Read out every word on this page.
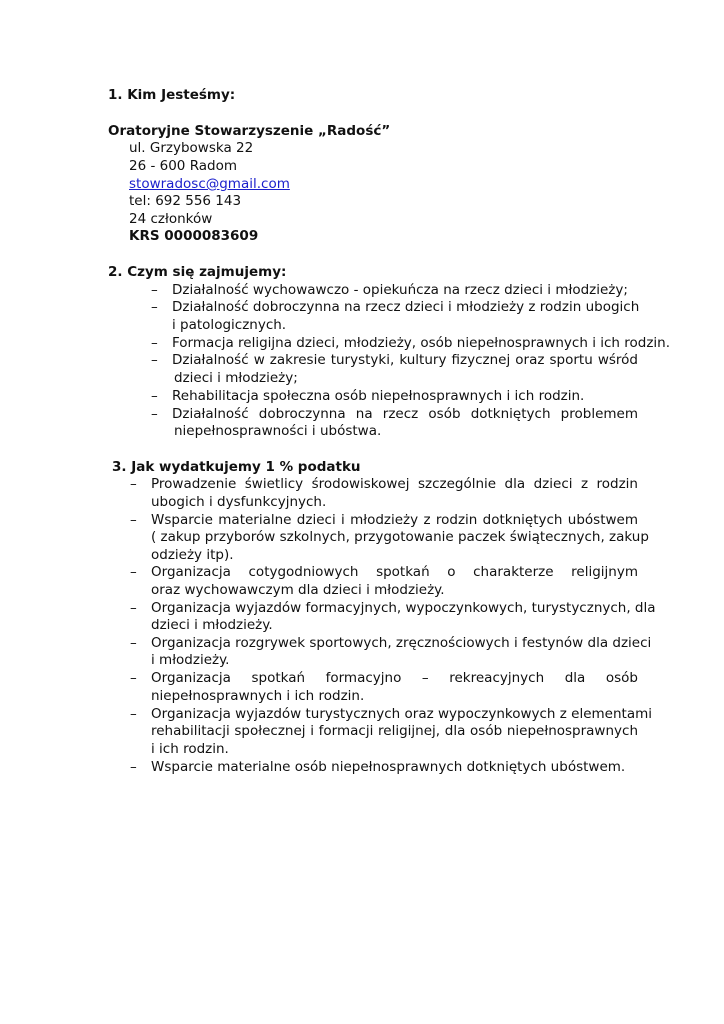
1. Kim Jesteśmy:
Oratoryjne Stowarzyszenie „Radość”
ul. Grzybowska 22
26 - 600 Radom
stowradosc@gmail.com
tel: 692 556 143
24 członków
KRS 0000083609
2. Czym się zajmujemy:
– Działalność wychowawczo - opiekuńcza na rzecz dzieci i młodzieży;
– Działalność dobroczynna na rzecz dzieci i młodzieży z rodzin ubogich
i patologicznych.
– Formacja religijna dzieci, młodzieży, osób niepełnosprawnych i ich rodzin.
– Działalność w zakresie turystyki, kultury fizycznej oraz sportu wśród
dzieci i młodzieży;
– Rehabilitacja społeczna osób niepełnosprawnych i ich rodzin.
– Działalność dobroczynna na rzecz osób dotkniętych problemem
niepełnosprawności i ubóstwa.
3. Jak wydatkujemy 1 % podatku
– Prowadzenie świetlicy środowiskowej szczególnie dla dzieci z rodzin
ubogich i dysfunkcyjnych.
– Wsparcie materialne dzieci i młodzieży z rodzin dotkniętych ubóstwem
( zakup przyborów szkolnych, przygotowanie paczek świątecznych, zakup
odzieży itp).
– Organizacja cotygodniowych spotkań o charakterze religijnym
oraz wychowawczym dla dzieci i młodzieży.
– Organizacja wyjazdów formacyjnych, wypoczynkowych, turystycznych, dla
dzieci i młodzieży.
– Organizacja rozgrywek sportowych, zręcznościowych i festynów dla dzieci
i młodzieży.
– Organizacja spotkań formacyjno – rekreacyjnych dla osób
niepełnosprawnych i ich rodzin.
– Organizacja wyjazdów turystycznych oraz wypoczynkowych z elementami
rehabilitacji społecznej i formacji religijnej, dla osób niepełnosprawnych
i ich rodzin.
– Wsparcie materialne osób niepełnosprawnych dotkniętych ubóstwem.
